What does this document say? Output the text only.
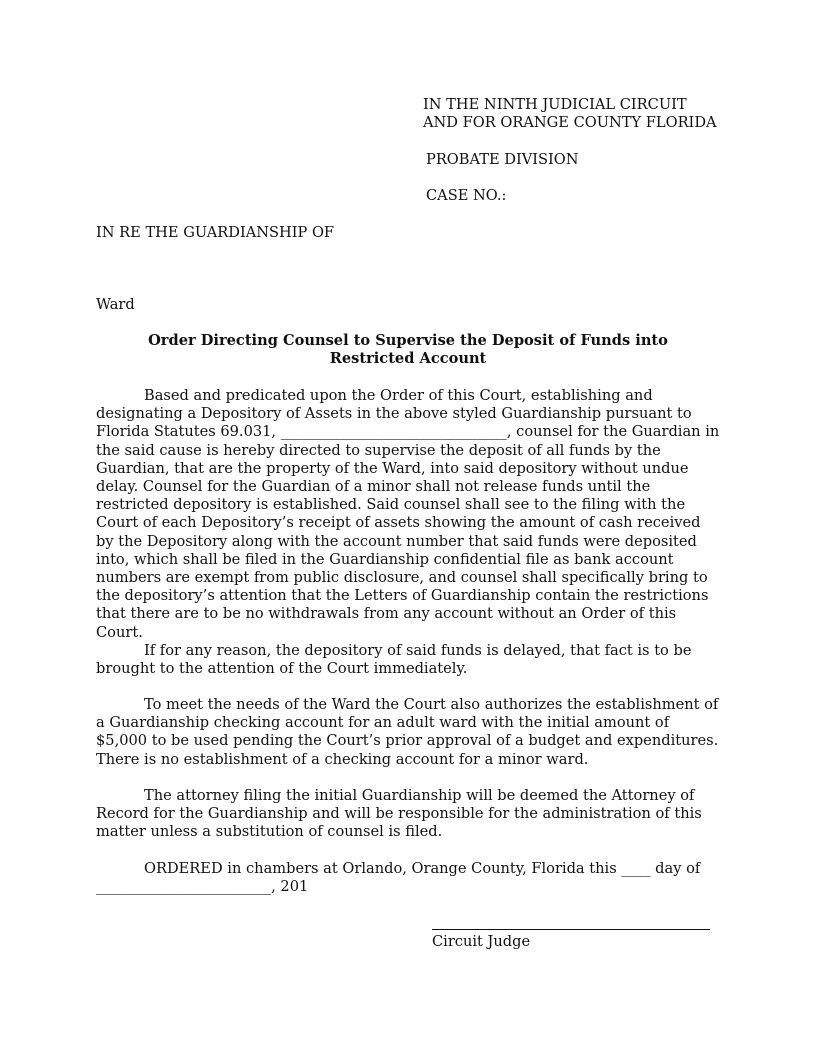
IN THE NINTH JUDICIAL CIRCUIT
AND FOR ORANGE COUNTY FLORIDA
PROBATE DIVISION
CASE NO.:
IN RE THE GUARDIANSHIP OF
Ward
Order Directing Counsel to Supervise the Deposit of Funds into
Restricted Account

Based and predicated upon the Order of this Court, establishing and designating a Depository of Assets in the above styled Guardianship pursuant to Florida Statutes 69.031, _______________________________, counsel for the Guardian in the said cause is hereby directed to supervise the deposit of all funds by the Guardian, that are the property of the Ward, into said depository without undue delay. Counsel for the Guardian of a minor shall not release funds until the restricted depository is established. Said counsel shall see to the filing with the Court of each Depository’s receipt of assets showing the amount of cash received by the Depository along with the account number that said funds were deposited into, which shall be filed in the Guardianship confidential file as bank account numbers are exempt from public disclosure, and counsel shall specifically bring to the depository’s attention that the Letters of Guardianship contain the restrictions that there are to be no withdrawals from any account without an Order of this Court.

If for any reason, the depository of said funds is delayed, that fact is to be brought to the attention of the Court immediately.

To meet the needs of the Ward the Court also authorizes the establishment of a Guardianship checking account for an adult ward with the initial amount of $5,000 to be used pending the Court’s prior approval of a budget and expenditures. There is no establishment of a checking account for a minor ward.

The attorney filing the initial Guardianship will be deemed the Attorney of Record for the Guardianship and will be responsible for the administration of this matter unless a substitution of counsel is filed.

ORDERED in chambers at Orlando, Orange County, Florida this ____ day of ________________________, 201

Circuit Judge
